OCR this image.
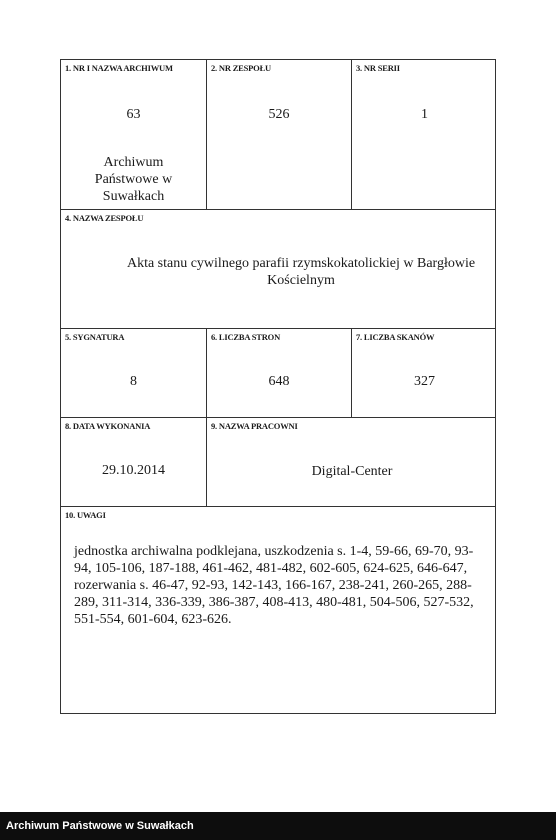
1. NR I NAZWA ARCHIWUM
63
Archiwum
Państwowe w
Suwałkach
2. NR ZESPOŁU
526
3. NR SERII
1
4. NAZWA ZESPOŁU
Akta stanu cywilnego parafii rzymskokatolickiej w Bargłowie
Kościelnym
5. SYGNATURA
8
6. LICZBA STRON
648
7. LICZBA SKANÓW
327
8. DATA WYKONANIA
29.10.2014
9. NAZWA PRACOWNI
Digital-Center
10. UWAGI
jednostka archiwalna podklejana, uszkodzenia s. 1-4, 59-66, 69-70, 93-
94, 105-106, 187-188, 461-462, 481-482, 602-605, 624-625, 646-647,
rozerwania s. 46-47, 92-93, 142-143, 166-167, 238-241, 260-265, 288-
289, 311-314, 336-339, 386-387, 408-413, 480-481, 504-506, 527-532,
551-554, 601-604, 623-626.
Archiwum Państwowe w Suwałkach
